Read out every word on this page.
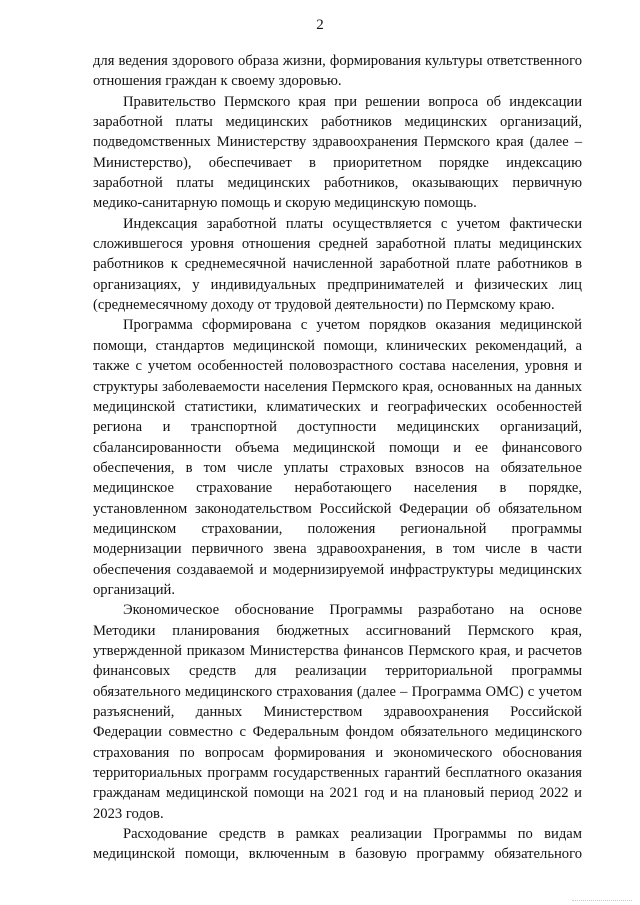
2

для ведения здорового образа жизни, формирования культуры ответственного отношения граждан к своему здоровью.

Правительство Пермского края при решении вопроса об индексации заработной платы медицинских работников медицинских организаций, подведомственных Министерству здравоохранения Пермского края (далее – Министерство), обеспечивает в приоритетном порядке индексацию заработной платы медицинских работников, оказывающих первичную медико-санитарную помощь и скорую медицинскую помощь.

Индексация заработной платы осуществляется с учетом фактически сложившегося уровня отношения средней заработной платы медицинских работников к среднемесячной начисленной заработной плате работников в организациях, у индивидуальных предпринимателей и физических лиц (среднемесячному доходу от трудовой деятельности) по Пермскому краю.

Программа сформирована с учетом порядков оказания медицинской помощи, стандартов медицинской помощи, клинических рекомендаций, а также с учетом особенностей половозрастного состава населения, уровня и структуры заболеваемости населения Пермского края, основанных на данных медицинской статистики, климатических и географических особенностей региона и транспортной доступности медицинских организаций, сбалансированности объема медицинской помощи и ее финансового обеспечения, в том числе уплаты страховых взносов на обязательное медицинское страхование неработающего населения в порядке, установленном законодательством Российской Федерации об обязательном медицинском страховании, положения региональной программы модернизации первичного звена здравоохранения, в том числе в части обеспечения создаваемой и модернизируемой инфраструктуры медицинских организаций.

Экономическое обоснование Программы разработано на основе Методики планирования бюджетных ассигнований Пермского края, утвержденной приказом Министерства финансов Пермского края, и расчетов финансовых средств для реализации территориальной программы обязательного медицинского страхования (далее – Программа ОМС) с учетом разъяснений, данных Министерством здравоохранения Российской Федерации совместно с Федеральным фондом обязательного медицинского страхования по вопросам формирования и экономического обоснования территориальных программ государственных гарантий бесплатного оказания гражданам медицинской помощи на 2021 год и на плановый период 2022 и 2023 годов.

Расходование средств в рамках реализации Программы по видам медицинской помощи, включенным в базовую программу обязательного
